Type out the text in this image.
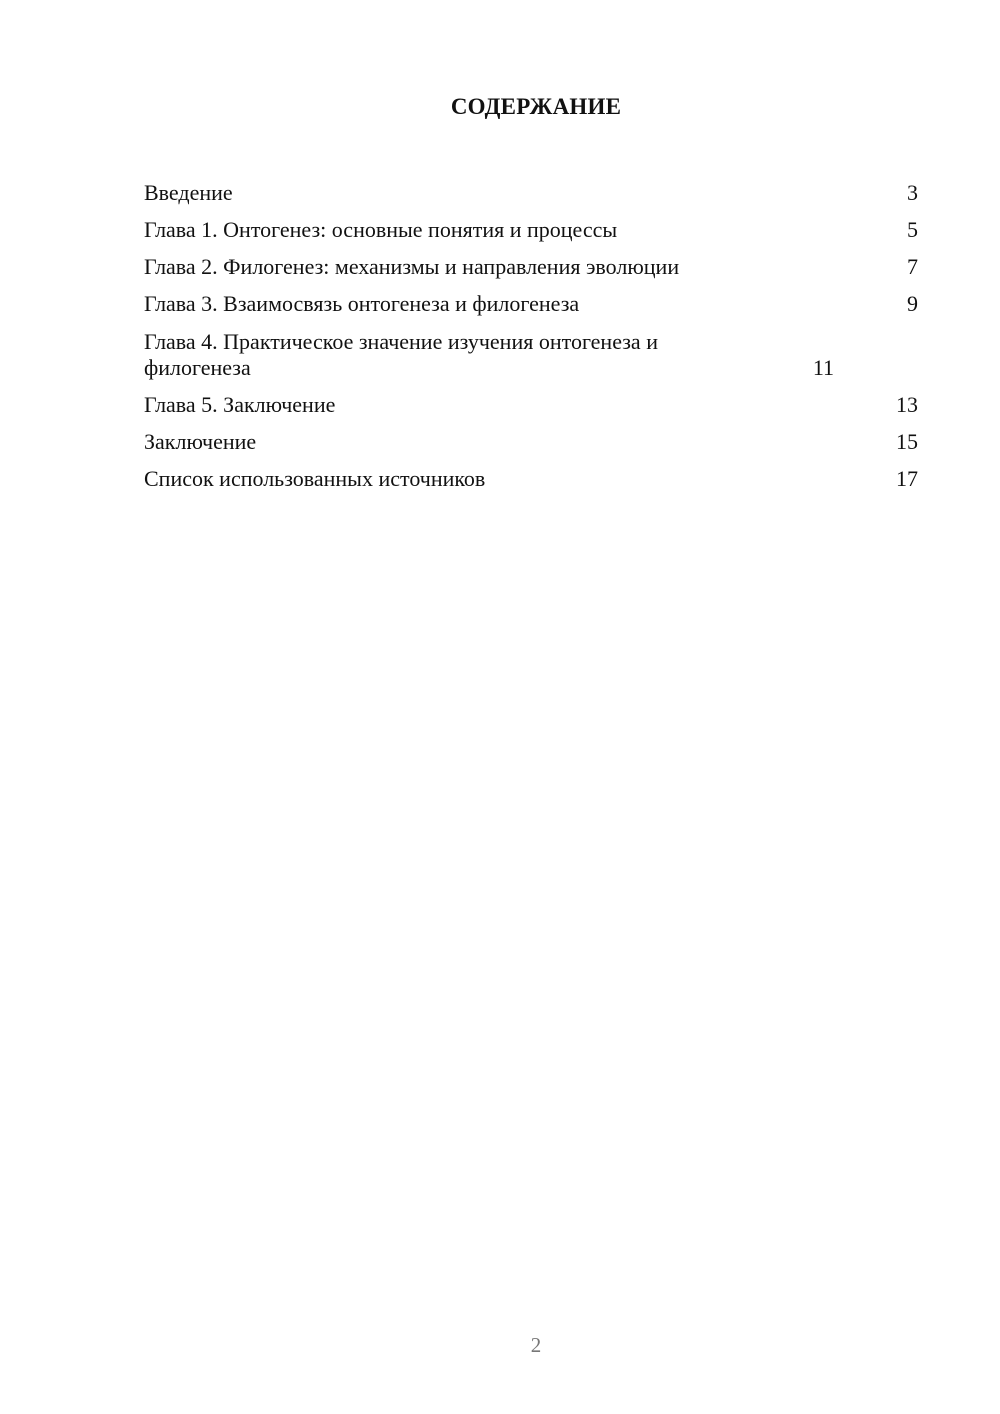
СОДЕРЖАНИЕ
Введение	3
Глава 1. Онтогенез: основные понятия и процессы	5
Глава 2. Филогенез: механизмы и направления эволюции	7
Глава 3. Взаимосвязь онтогенеза и филогенеза	9
Глава 4. Практическое значение изучения онтогенеза и филогенеза	11
Глава 5. Заключение	13
Заключение	15
Список использованных источников	17
2
